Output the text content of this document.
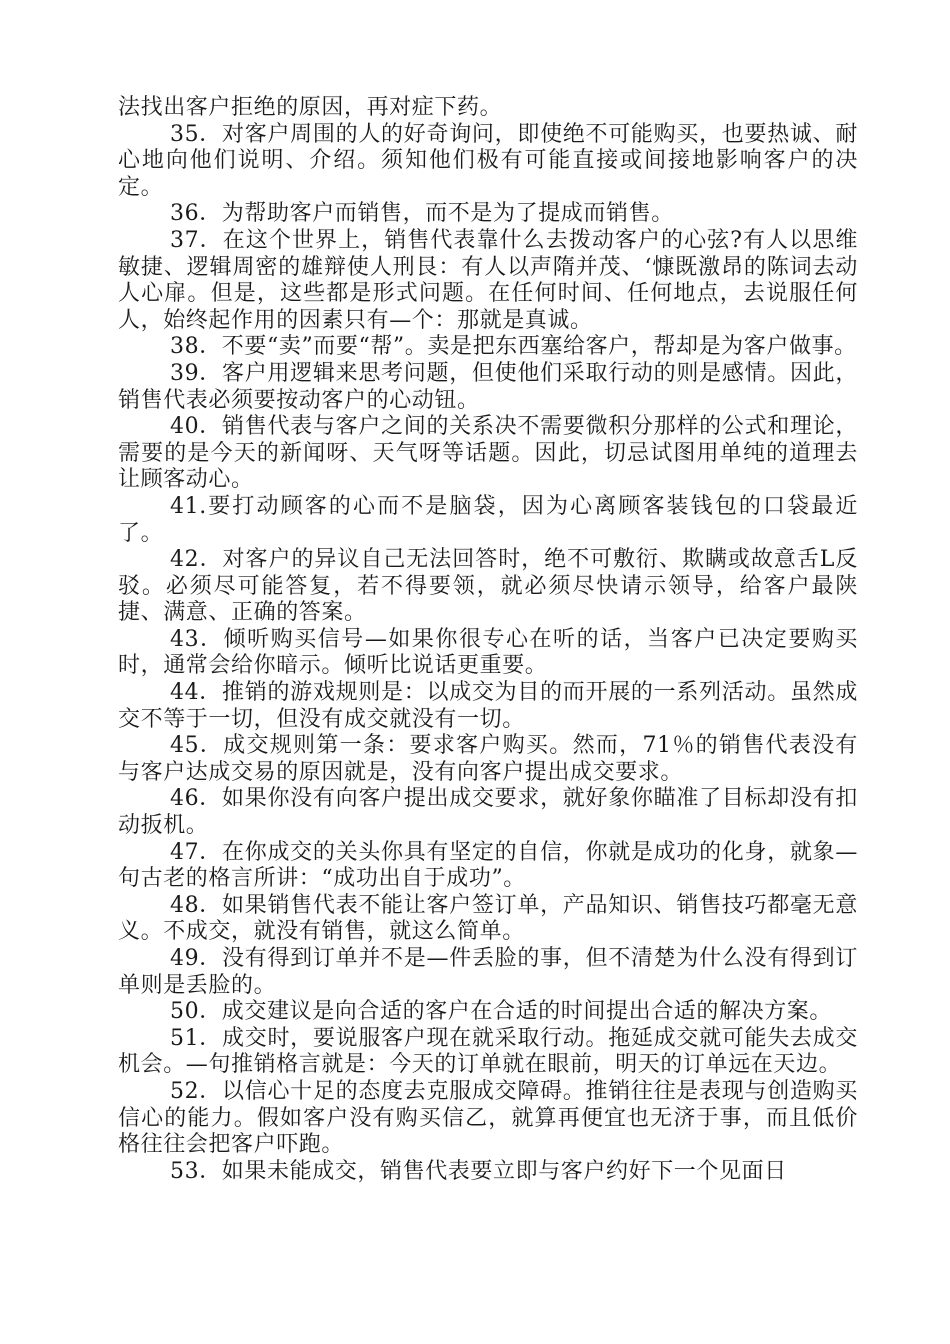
法找出客户拒绝的原因，再对症下药。

35．对客户周围的人的好奇询问，即使绝不可能购买，也要热诚、耐心地向他们说明、介绍。须知他们极有可能直接或间接地影响客户的决定。

36．为帮助客户而销售，而不是为了提成而销售。

37．在这个世界上，销售代表靠什么去拨动客户的心弦?有人以思维敏捷、逻辑周密的雄辩使人刑艮：有人以声隋并茂、‘慷既激昂的陈词去动人心扉。但是，这些都是形式问题。在任何时间、任何地点，去说服任何人，始终起作用的因素只有—个：那就是真诚。

38．不要“卖”而要“帮”。卖是把东西塞给客户，帮却是为客户做事。

39．客户用逻辑来思考问题，但使他们采取行动的则是感情。因此，销售代表必须要按动客户的心动钮。

40．销售代表与客户之间的关系决不需要微积分那样的公式和理论，需要的是今天的新闻呀、天气呀等话题。因此，切忌试图用单纯的道理去让顾客动心。

41.要打动顾客的心而不是脑袋，因为心离顾客装钱包的口袋最近了。

42．对客户的异议自己无法回答时，绝不可敷衍、欺瞒或故意舌L反驳。必须尽可能答复，若不得要领，就必须尽快请示领导，给客户最陕捷、满意、正确的答案。

43．倾听购买信号—如果你很专心在听的话，当客户已决定要购买时，通常会给你暗示。倾听比说话更重要。

44．推销的游戏规则是：以成交为目的而开展的一系列活动。虽然成交不等于一切，但没有成交就没有一切。

45．成交规则第一条：要求客户购买。然而，71％的销售代表没有与客户达成交易的原因就是，没有向客户提出成交要求。

46．如果你没有向客户提出成交要求，就好象你瞄准了目标却没有扣动扳机。

47．在你成交的关头你具有坚定的自信，你就是成功的化身，就象—句古老的格言所讲：“成功出自于成功”。

48．如果销售代表不能让客户签订单，产品知识、销售技巧都毫无意义。不成交，就没有销售，就这么简单。

49．没有得到订单并不是—件丢脸的事，但不清楚为什么没有得到订单则是丢脸的。

50．成交建议是向合适的客户在合适的时间提出合适的解决方案。

51．成交时，要说服客户现在就采取行动。拖延成交就可能失去成交机会。—句推销格言就是：今天的订单就在眼前，明天的订单远在天边。

52．以信心十足的态度去克服成交障碍。推销往往是表现与创造购买信心的能力。假如客户没有购买信乙，就算再便宜也无济于事，而且低价格往往会把客户吓跑。

53．如果未能成交，销售代表要立即与客户约好下一个见面日
